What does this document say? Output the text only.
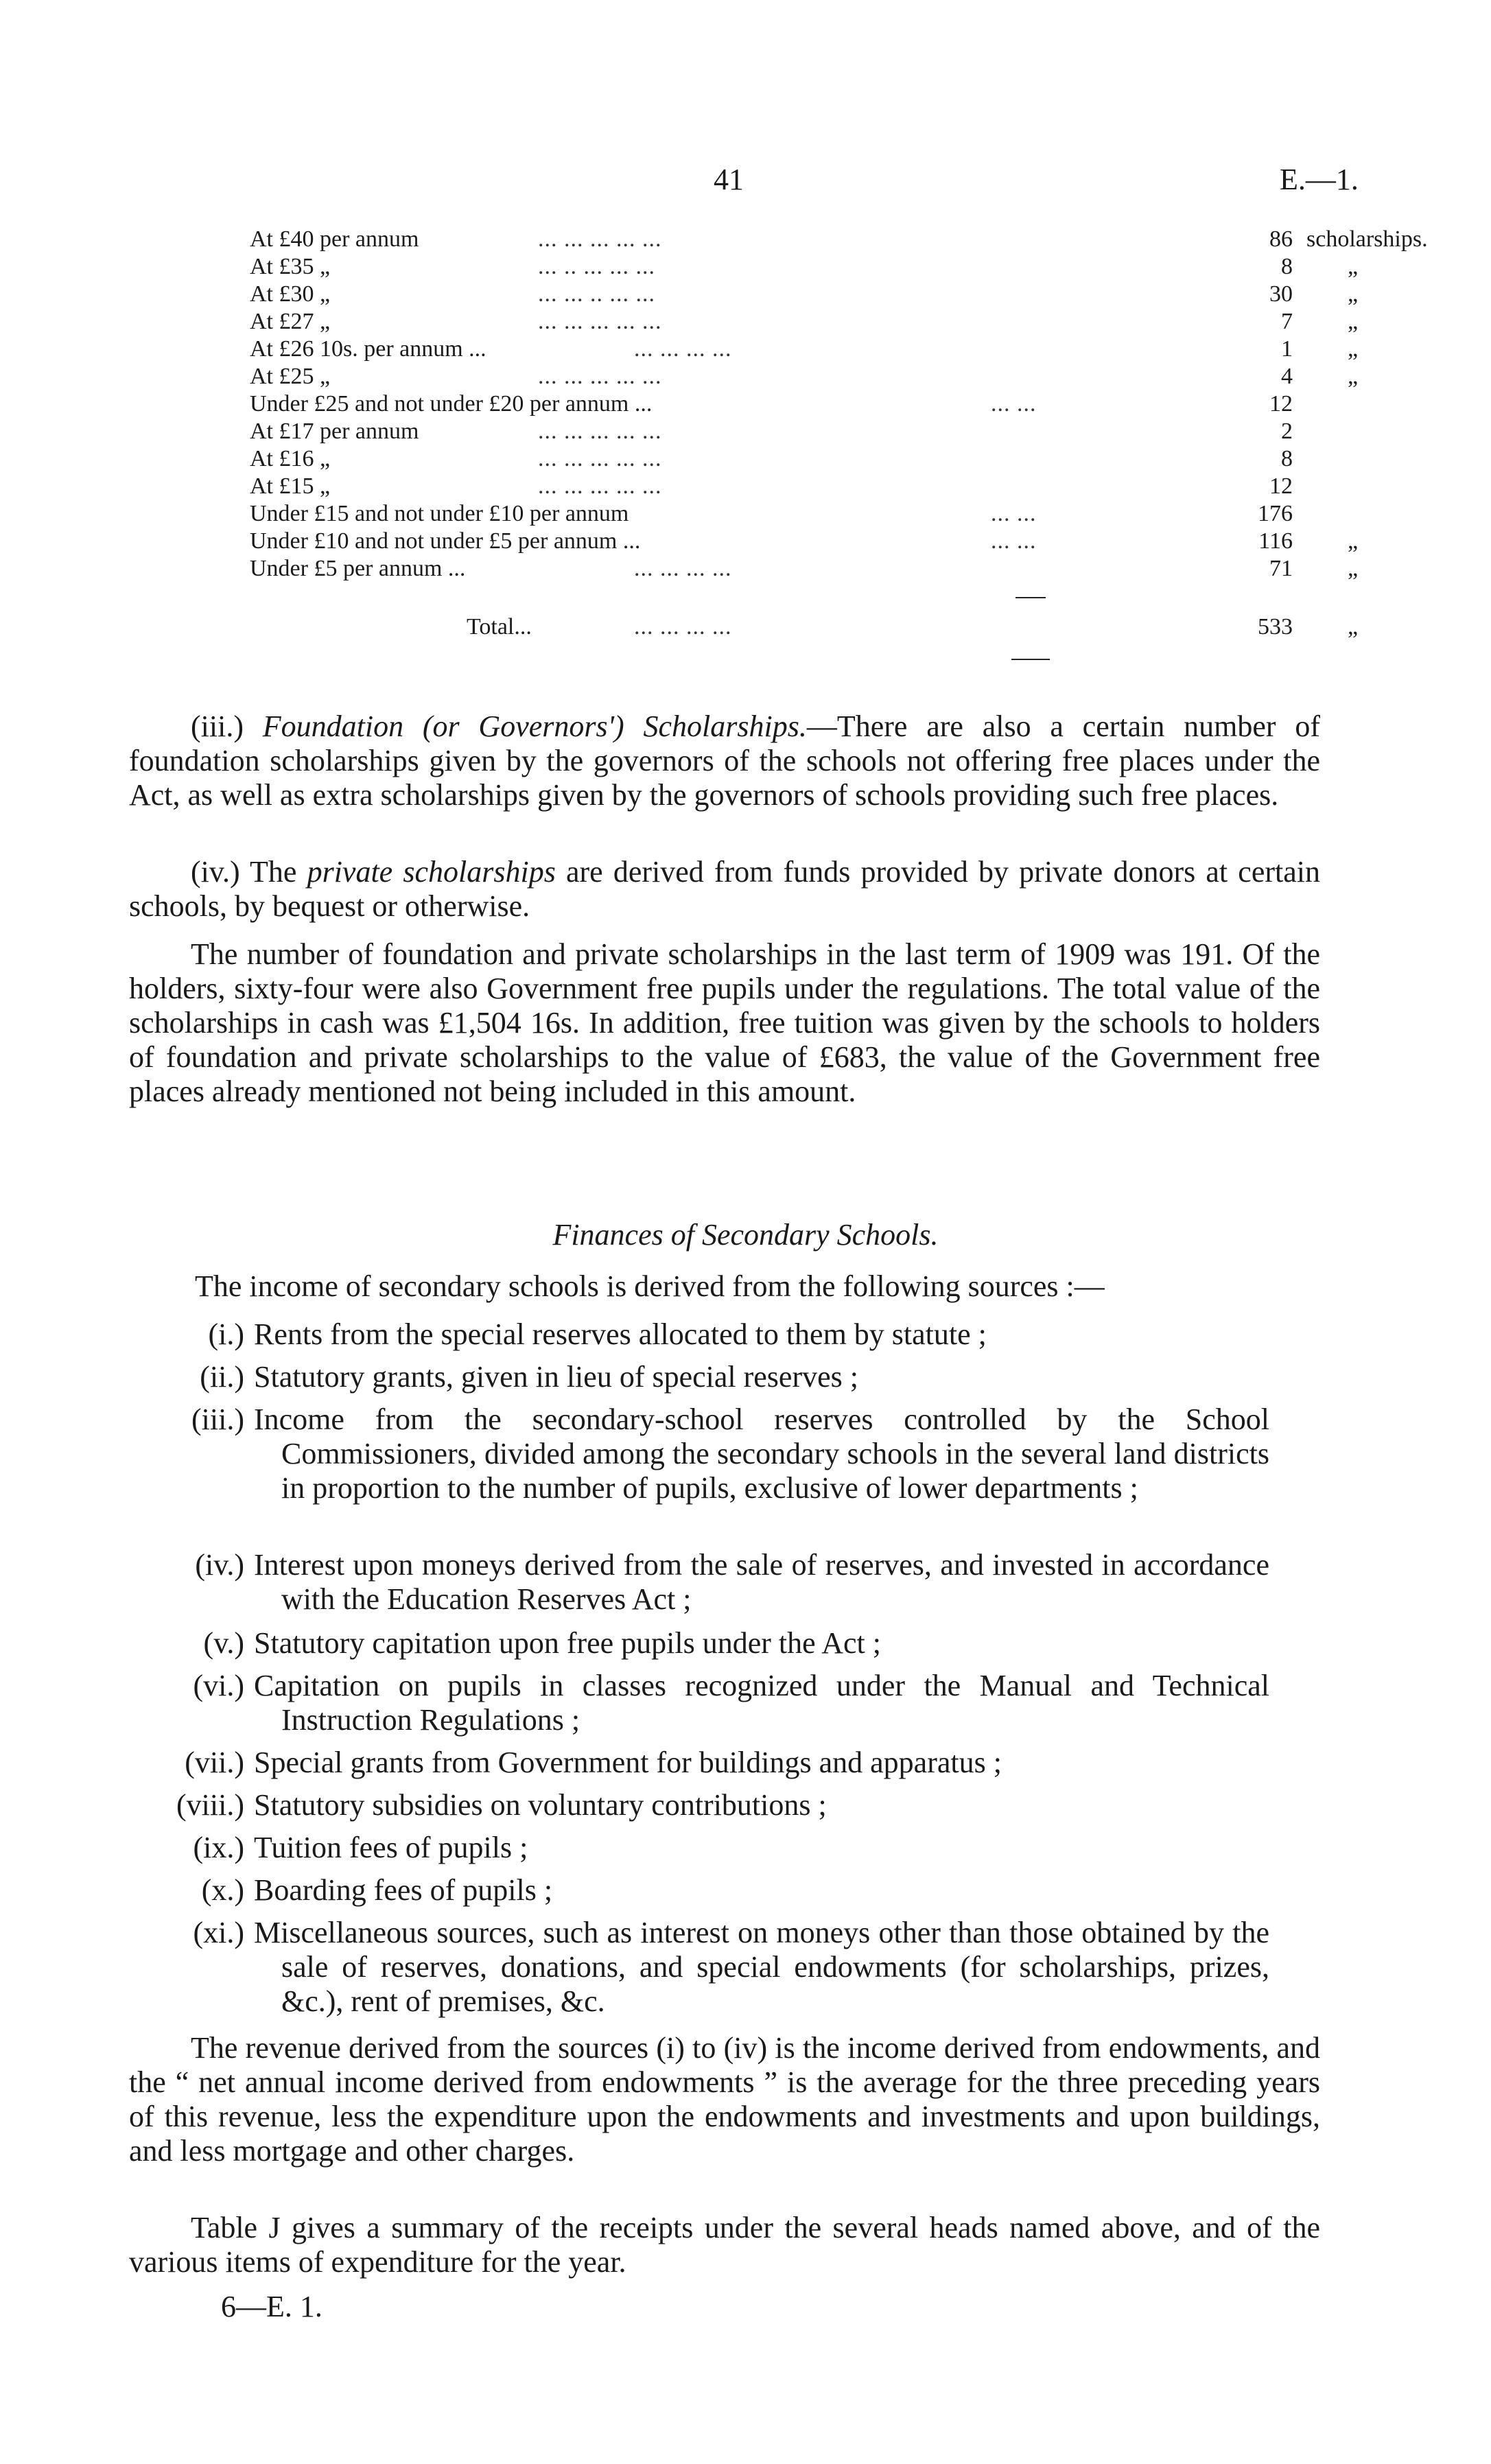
41	E.—1.
At £40 per annum	... ... ... ... ...	86 scholarships.
At £35 „	... .. ... ... ...	8 „
At £30 „	... ... .. ... ...	30 „
At £27 „	... ... ... ... ...	7 „
At £26 10s. per annum ...	... ... ... ...	1 „
At £25 „	... ... ... ... ...	4 „
Under £25 and not under £20 per annum ...	... ...	12
At £17 per annum	... ... ... ... ...	2
At £16 „	... ... ... ... ...	8
At £15 „	... ... ... ... ...	12
Under £15 and not under £10 per annum	... ...	176
Under £10 and not under £5 per annum ...	... ...	116 „
Under £5 per annum ...	... ... ... ...	71 „
Total...	... ... ... ...	533 „
(iii.) Foundation (or Governors') Scholarships.—There are also a certain number of foundation scholarships given by the governors of the schools not offering free places under the Act, as well as extra scholarships given by the governors of schools providing such free places.
(iv.) The private scholarships are derived from funds provided by private donors at certain schools, by bequest or otherwise.
The number of foundation and private scholarships in the last term of 1909 was 191. Of the holders, sixty-four were also Government free pupils under the regulations. The total value of the scholarships in cash was £1,504 16s. In addition, free tuition was given by the schools to holders of foundation and private scholarships to the value of £683, the value of the Government free places already mentioned not being included in this amount.
Finances of Secondary Schools.
The income of secondary schools is derived from the following sources :—
(i.) Rents from the special reserves allocated to them by statute ;
(ii.) Statutory grants, given in lieu of special reserves ;
(iii.) Income from the secondary-school reserves controlled by the School Commissioners, divided among the secondary schools in the several land districts in proportion to the number of pupils, exclusive of lower departments ;
(iv.) Interest upon moneys derived from the sale of reserves, and invested in accordance with the Education Reserves Act ;
(v.) Statutory capitation upon free pupils under the Act ;
(vi.) Capitation on pupils in classes recognized under the Manual and Technical Instruction Regulations ;
(vii.) Special grants from Government for buildings and apparatus ;
(viii.) Statutory subsidies on voluntary contributions ;
(ix.) Tuition fees of pupils ;
(x.) Boarding fees of pupils ;
(xi.) Miscellaneous sources, such as interest on moneys other than those obtained by the sale of reserves, donations, and special endowments (for scholarships, prizes, &c.), rent of premises, &c.
The revenue derived from the sources (i) to (iv) is the income derived from endowments, and the “ net annual income derived from endowments ” is the average for the three preceding years of this revenue, less the expenditure upon the endowments and investments and upon buildings, and less mortgage and other charges.
Table J gives a summary of the receipts under the several heads named above, and of the various items of expenditure for the year.
6—E. 1.
